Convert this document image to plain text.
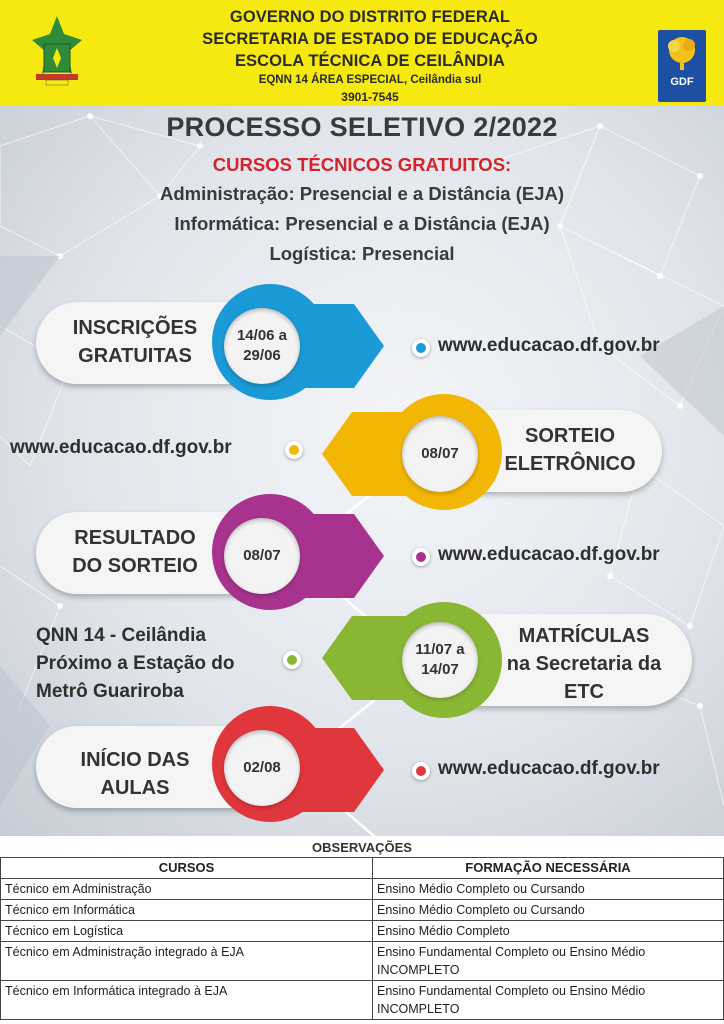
GOVERNO DO DISTRITO FEDERAL
SECRETARIA DE ESTADO DE EDUCAÇÃO
ESCOLA TÉCNICA DE CEILÂNDIA
EQNN 14 ÁREA ESPECIAL, Ceilândia sul
3901-7545
GDF
PROCESSO SELETIVO 2/2022
CURSOS TÉCNICOS GRATUITOS:
Administração: Presencial e a Distância (EJA)
Informática: Presencial e a Distância (EJA)
Logística: Presencial
INSCRIÇÕES
GRATUITAS
14/06 a
29/06	www.educacao.df.gov.br
SORTEIO
ELETRÔNICO
08/07
www.educacao.df.gov.br
RESULTADO
DO SORTEIO	08/07	www.educacao.df.gov.br
MATRÍCULAS
na Secretaria da
ETC
11/07 a
14/07
QNN 14 - Ceilândia
Próximo a Estação do
Metrô Guariroba
INÍCIO DAS
AULAS
02/08	www.educacao.df.gov.br
OBSERVAÇÕES
CURSOS	FORMAÇÃO NECESSÁRIA
Técnico em Administração	Ensino Médio Completo ou Cursando
Técnico em Informática	Ensino Médio Completo ou Cursando
Técnico em Logística	Ensino Médio Completo
Técnico em Administração integrado à EJA	Ensino Fundamental Completo ou Ensino Médio INCOMPLETO
Técnico em Informática integrado à EJA	Ensino Fundamental Completo ou Ensino Médio INCOMPLETO
